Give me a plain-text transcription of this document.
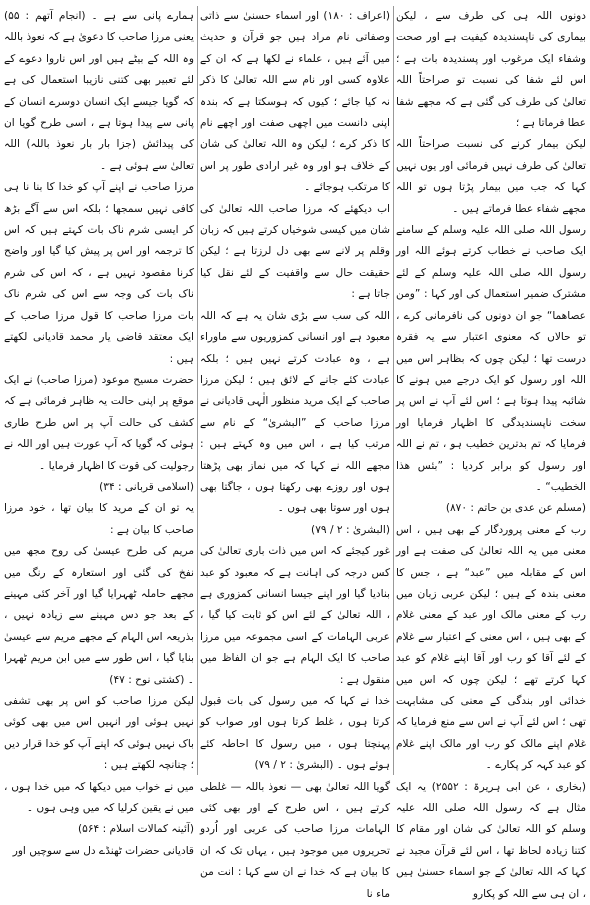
دونوں اللہ ہی کی طرف سے ، لیکن بیماری کی ناپسندیدہ کیفیت ہے اور صحت وشفاء ایک مرغوب اور پسندیدہ بات ہے ؛ اس لئے شفا کی نسبت تو صراحتاً اللہ تعالیٰ کی طرف کی گئی ہے کہ مجھے شفا عطا فرماتا ہے ؛

لیکن بیمار کرنے کی نسبت صراحتاً اللہ تعالیٰ کی طرف نہیں فرمائی اور یوں نہیں کہا کہ جب میں بیمار پڑتا ہوں تو اللہ مجھے شفاء عطا فرماتے ہیں ۔

رسول اللہ صلی اللہ علیہ وسلم کے سامنے ایک صاحب نے خطاب کرتے ہوئے اللہ اور رسول اللہ صلی اللہ علیہ وسلم کے لئے مشترک ضمیر استعمال کی اور کہا : ”ومن عصاهما“ جو ان دونوں کی نافرمانی کرے ، تو حالاں کہ معنوی اعتبار سے یہ فقرہ درست تھا ؛ لیکن چوں کہ بظاہر اس میں اللہ اور رسول کو ایک درجے میں ہونے کا شائبہ پیدا ہوتا ہے ؛ اس لئے آپ نے اس پر سخت ناپسندیدگی کا اظہار فرمایا اور فرمایا کہ تم بدترین خطیب ہو ، تم نے اللہ اور رسول کو برابر کردیا : ”بئس هذا الخطيب“ ۔

(مسلم عن عدی بن حاتم : ۸۷۰)

رب کے معنی پروردگار کے بھی ہیں ، اس معنی میں یہ اللہ تعالیٰ کی صفت ہے اور اس کے مقابلہ میں ”عبد“ ہے ، جس کا معنی بندہ کے ہیں ؛ لیکن عربی زبان میں رب کے معنی مالک اور عبد کے معنی غلام کے بھی ہیں ، اس معنی کے اعتبار سے غلام کے لئے آقا کو رب اور آقا اپنے غلام کو عبد کہا کرتے تھے ؛ لیکن چوں کہ اس میں خدائی اور بندگی کے معنی کی مشابہت تھی ؛ اس لئے آپ نے اس سے منع فرمایا کہ غلام اپنے مالک کو رب اور مالک اپنے غلام کو عبد کہہ کر پکارے ۔

(بخاری ، عن ابی ہریرۃ : ۲۵۵۲) یہ ایک مثال ہے کہ رسول اللہ صلی اللہ علیہ وسلم کو اللہ تعالیٰ کی شان اور مقام کا کتنا زیادہ لحاظ تھا ، اس لئے قرآن مجید نے کہا کہ اللہ تعالیٰ کے جو اسماء حسنیٰ ہیں ، ان ہی سے اللہ کو پکارو

(اعراف : ۱۸۰) اور اسماء حسنیٰ سے ذاتی وصفاتی نام مراد ہیں جو قرآن و حدیث میں آئے ہیں ، علماء نے لکھا ہے کہ ان کے علاوہ کسی اور نام سے اللہ تعالیٰ کا ذکر نہ کیا جائے ؛ کیوں کہ ہوسکتا ہے کہ بندہ اپنی دانست میں اچھی صفت اور اچھے نام کا ذکر کرے ؛ لیکن وہ اللہ تعالیٰ کی شان کے خلاف ہو اور وہ غیر ارادی طور پر اس کا مرتکب ہوجائے ۔

اب دیکھئے کہ مرزا صاحب اللہ تعالیٰ کی شان میں کیسی شوخیاں کرتے ہیں کہ زبان وقلم پر لانے سے بھی دل لرزتا ہے ؛ لیکن حقیقت حال سے واقفیت کے لئے نقل کیا جاتا ہے :

اللہ کی سب سے بڑی شان یہ ہے کہ اللہ معبود ہے اور انسانی کمزوریوں سے ماوراء ہے ، وہ عبادت کرتے نہیں ہیں ؛ بلکہ عبادت کئے جانے کے لائق ہیں ؛ لیکن مرزا صاحب کے ایک مرید منظور الٰہی قادیانی نے مرزا صاحب کے ”البشریٰ“ کے نام سے مرتب کیا ہے ، اس میں وہ کہتے ہیں : مجھے اللہ نے کہا کہ میں نماز بھی پڑھتا ہوں اور روزے بھی رکھتا ہوں ، جاگتا بھی ہوں اور سوتا بھی ہوں ۔

(البشریٰ : ۲ / ۷۹)

غور کیجئے کہ اس میں ذات باری تعالیٰ کی کس درجہ کی اہانت ہے کہ معبود کو عبد بنادیا گیا اور اپنے جیسا انسانی کمزوری ہے ، اللہ تعالیٰ کے لئے اس کو ثابت کیا گیا ، عربی الہامات کے اسی مجموعہ میں مرزا صاحب کا ایک الہام ہے جو ان الفاظ میں منقول ہے :

خدا نے کہا کہ میں رسول کی بات قبول کرتا ہوں ، غلط کرتا ہوں اور صواب کو پہنچتا ہوں ، میں رسول کا احاطہ کئے ہوئے ہوں ۔ (البشریٰ : ۲ / ۷۹)

گویا اللہ تعالیٰ بھی — نعوذ باللہ — غلطی کرتے ہیں ، اس طرح کے اور بھی کئی الہامات مرزا صاحب کی عربی اور اُردو تحریروں میں موجود ہیں ، یہاں تک کہ ان کا بیان ہے کہ خدا نے ان سے کہا : انت من ماء نا

ہمارے پانی سے ہے ۔ (انجام آتھم : ۵۵) یعنی مرزا صاحب کا دعویٰ ہے کہ نعوذ باللہ وہ اللہ کے بیٹے ہیں اور اس ناروا دعوے کے لئے تعبیر بھی کتنی نازیبا استعمال کی ہے کہ گویا جیسے ایک انسان دوسرے انسان کے پانی سے پیدا ہوتا ہے ، اسی طرح گویا ان کی پیدائش (جزا بار بار نعوذ باللہ) اللہ تعالیٰ سے ہوئی ہے ۔

مرزا صاحب نے اپنے آپ کو خدا کا بنا نا ہی کافی نہیں سمجھا ؛ بلکہ اس سے آگے بڑھ کر ایسی شرم ناک بات کہتے ہیں کہ اس کا ترجمہ اور اس پر پیش کیا گیا اور واضح کرنا مقصود نہیں ہے ، کہ اس کی شرم ناک بات کی وجہ سے اس کی شرم ناک بات مرزا صاحب کا قول مرزا صاحب کے ایک معتقد قاضی یار محمد قادیانی لکھتے ہیں :

حضرت مسیح موعود (مرزا صاحب) نے ایک موقع پر اپنی حالت یہ ظاہر فرمائی ہے کہ کشف کی حالت آپ پر اس طرح طاری ہوئی کہ گویا کہ آپ عورت ہیں اور اللہ نے رجولیت کی قوت کا اظہار فرمایا ۔

(اسلامی قربانی : ۳۴)

یہ تو ان کے مرید کا بیان تھا ، خود مرزا صاحب کا بیان ہے :

مریم کی طرح عیسیٰ کی روح مجھ میں نفخ کی گئی اور استعارہ کے رنگ میں مجھے حاملہ ٹھہرایا گیا اور آخر کئی مہینے کے بعد جو دس مہینے سے زیادہ نہیں ، بذریعہ اس الہام کے مجھے مریم سے عیسیٰ بنایا گیا ، اس طور سے میں ابن مریم ٹھہرا ۔ (کشتی نوح : ۴۷)

لیکن مرزا صاحب کو اس پر بھی تشفی نہیں ہوئی اور انہیں اس میں بھی کوئی باک نہیں ہوئی کہ اپنے آپ کو خدا قرار دیں ؛ چنانچہ لکھتے ہیں :

میں نے خواب میں دیکھا کہ میں خدا ہوں ، میں نے یقین کرلیا کہ میں وہی ہوں ۔

(آئینہ کمالات اسلام : ۵۶۴)

قادیانی حضرات ٹھنڈے دل سے سوچیں اور
